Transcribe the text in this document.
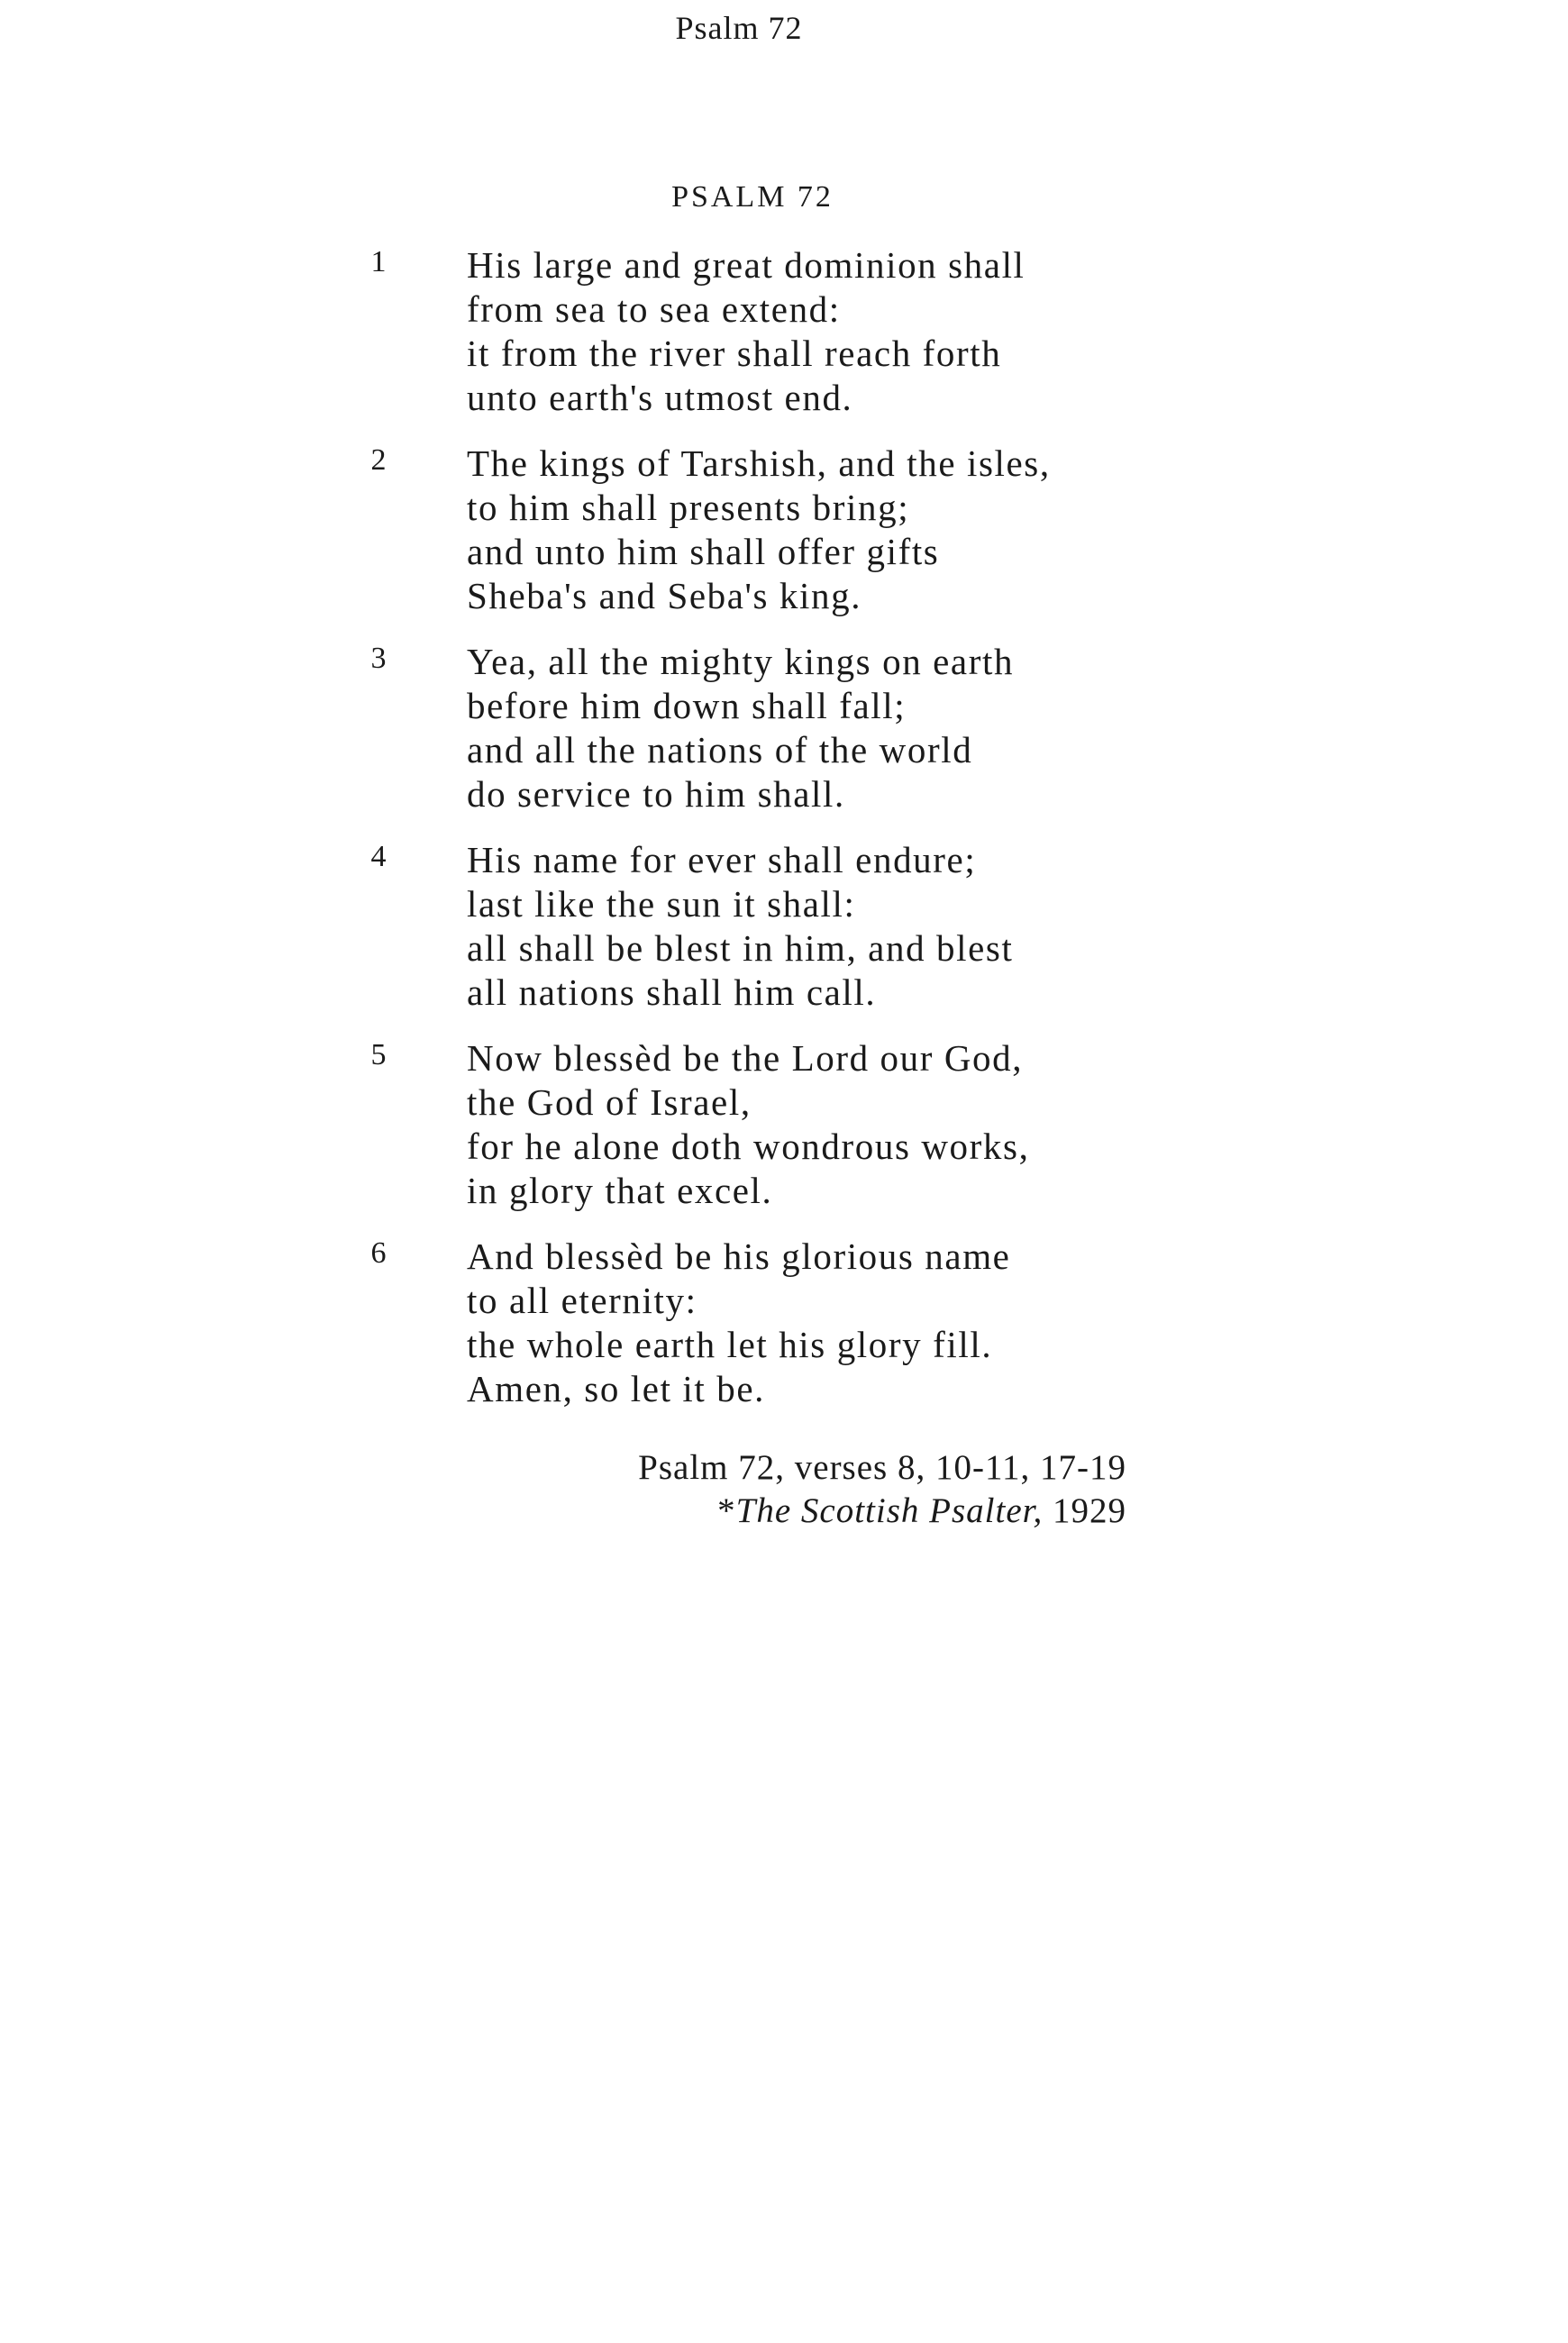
Psalm 72
PSALM 72
1 His large and great dominion shall
from sea to sea extend:
it from the river shall reach forth
unto earth's utmost end.
2 The kings of Tarshish, and the isles,
to him shall presents bring;
and unto him shall offer gifts
Sheba's and Seba's king.
3 Yea, all the mighty kings on earth
before him down shall fall;
and all the nations of the world
do service to him shall.
4 His name for ever shall endure;
last like the sun it shall:
all shall be blest in him, and blest
all nations shall him call.
5 Now blessèd be the Lord our God,
the God of Israel,
for he alone doth wondrous works,
in glory that excel.
6 And blessèd be his glorious name
to all eternity:
the whole earth let his glory fill.
Amen, so let it be.
Psalm 72, verses 8, 10-11, 17-19
*The Scottish Psalter, 1929
